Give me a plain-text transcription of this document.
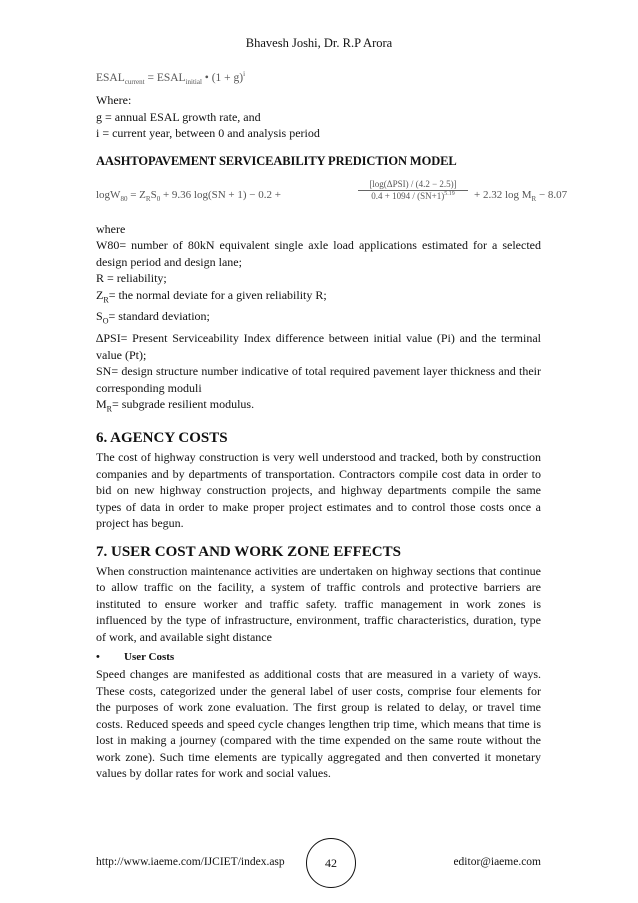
Bhavesh Joshi, Dr. R.P Arora
$ESAL_{current}$ = $ESAL_{initial}$ • $(1 + g)^i$

Where:

g = annual ESAL growth rate, and

i = current year, between 0 and analysis period

AASHTOPAVEMENT SERVICEABILITY PREDICTION MODEL
$\log W_{80} = Z_RS_0 + 9.36$ log(SN + 1) − 0.2 +
[log(ΔPSI) / (4.2 − 2.5)]
$0.4 + 1094 / (SN+1)^{5.19}$	+ 2.32 $\log M_R - 8.07$

where

W80= number of 80kN equivalent single axle load applications estimated for a selected design period and design lane;

R = reliability;

$Z_R=$ the normal deviate for a given reliability R;

$S_O=$ standard deviation;

∆PSI= Present Serviceability Index difference between initial value (Pi) and the terminal value (Pt);

SN= design structure number indicative of total required pavement layer thickness and their corresponding moduli

$M_R=$ subgrade resilient modulus.

6. AGENCY COSTS

The cost of highway construction is very well understood and tracked, both by construction companies and by departments of transportation. Contractors compile cost data in order to bid on new highway construction projects, and highway departments compile the same types of data in order to make proper project estimates and to control those costs once a project has begun.

7. USER COST AND WORK ZONE EFFECTS

When construction maintenance activities are undertaken on highway sections that continue to allow traffic on the facility, a system of traffic controls and protective barriers are instituted to ensure worker and traffic safety. traffic management in work zones is influenced by the type of infrastructure, environment, traffic characteristics, duration, type of work, and available sight distance

•	User Costs

Speed changes are manifested as additional costs that are measured in a variety of ways. These costs, categorized under the general label of user costs, comprise four elements for the purposes of work zone evaluation. The first group is related to delay, or travel time costs. Reduced speeds and speed cycle changes lengthen trip time, which means that time is lost in making a journey (compared with the time expended on the same route without the work zone). Such time elements are typically aggregated and then converted it monetary values by dollar rates for work and social values.

http://www.iaeme.com/IJCIET/index.asp	42	editor@iaeme.com
